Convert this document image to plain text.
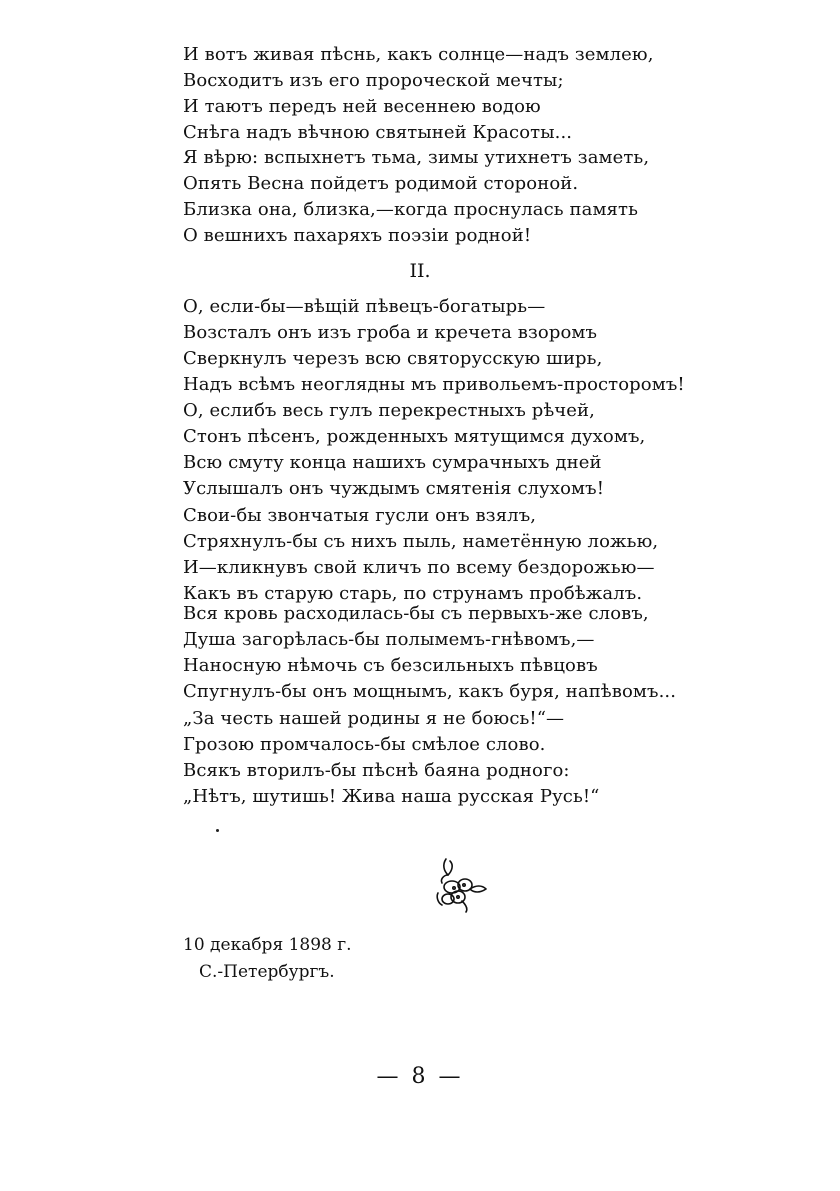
И вотъ живая пѣснь, какъ солнце—надъ землею,
Восходитъ изъ его пророческой мечты;
И таютъ передъ ней весеннею водою
Снѣга надъ вѣчною святыней Красоты...
Я вѣрю: вспыхнетъ тьма, зимы утихнетъ заметь,
Опять Весна пойдетъ родимой стороной.
Близка она, близка,—когда проснулась память
О вешнихъ пахаряхъ поэзіи родной!
II.
О, если-бы—вѣщій пѣвецъ-богатырь—
Возсталъ онъ изъ гроба и кречета взоромъ
Сверкнулъ черезъ всю святорусскую ширь,
Надъ всѣмъ неоглядны мъ привольемъ-просторомъ!
О, еслибъ весь гулъ перекрестныхъ рѣчей,
Стонъ пѣсенъ, рожденныхъ мятущимся духомъ,
Всю смуту конца нашихъ сумрачныхъ дней
Услышалъ онъ чуждымъ смятенія слухомъ!
Свои-бы звончатыя гусли онъ взялъ,
Стряхнулъ-бы съ нихъ пыль, наметённую ложью,
И—кликнувъ свой кличъ по всему бездорожью—
Какъ въ старую старь, по струнамъ пробѣжалъ.
Вся кровь расходилась-бы съ первыхъ-же словъ,
Душа загорѣлась-бы полымемъ-гнѣвомъ,—
Наносную нѣмочь съ безсильныхъ пѣвцовъ
Спугнулъ-бы онъ мощнымъ, какъ буря, напѣвомъ...
„За честь нашей родины я не боюсь!“—
Грозою промчалось-бы смѣлое слово.
Всякъ вторилъ-бы пѣснѣ баяна родного:
„Нѣтъ, шутишь! Жива наша русская Русь!“
10 декабря 1898 г.
С.-Петербургъ.
— 8 —
